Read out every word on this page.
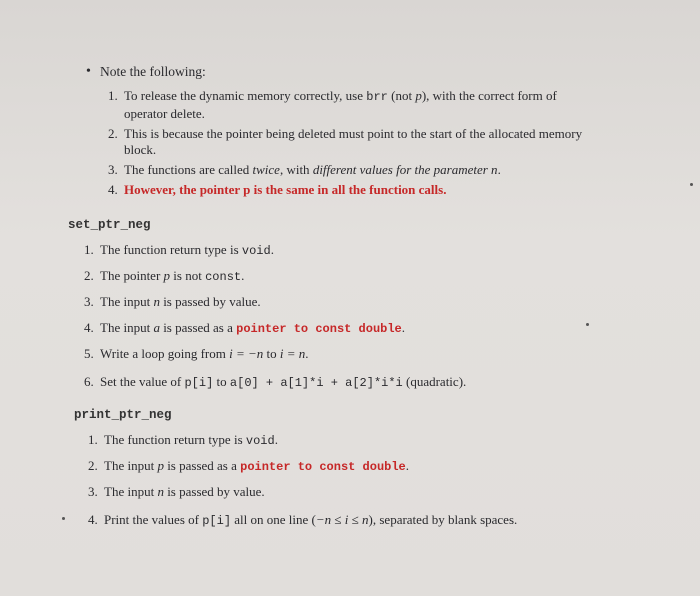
• Note the following:
1. To release the dynamic memory correctly, use brr (not p), with the correct form of
operator delete.
2. This is because the pointer being deleted must point to the start of the allocated memory
block.
3. The functions are called twice, with different values for the parameter n.
4. However, the pointer p is the same in all the function calls.
set_ptr_neg
1. The function return type is void.
2. The pointer p is not const.
3. The input n is passed by value.
4. The input a is passed as a pointer to const double.
5. Write a loop going from i = −n to i = n.
6. Set the value of p[i] to a[0] + a[1]*i + a[2]*i*i (quadratic).
print_ptr_neg
1. The function return type is void.
2. The input p is passed as a pointer to const double.
3. The input n is passed by value.
4. Print the values of p[i] all on one line (−n ≤ i ≤ n), separated by blank spaces.
